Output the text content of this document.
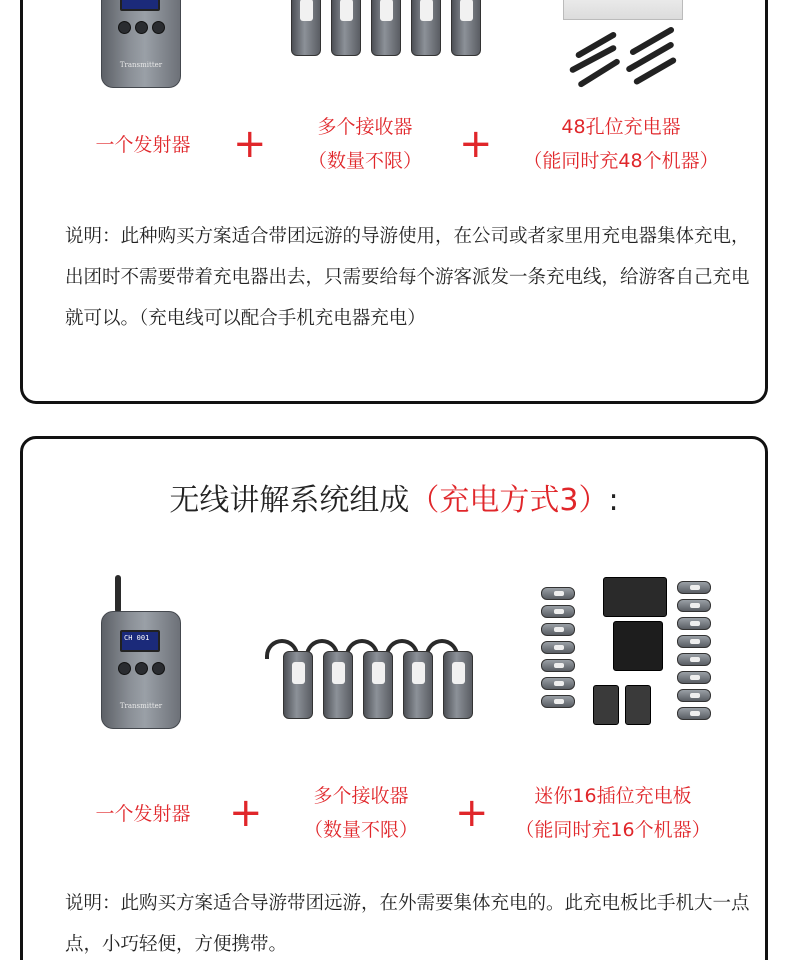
Transmitter
一个发射器	+	多个接收器
（数量不限） +	48孔位充电器
（能同时充48个机器）
说明：此种购买方案适合带团远游的导游使用，在公司或者家里用充电器集体充电，出团时不需要带着充电器出去，只需要给每个游客派发一条充电线，给游客自己充电就可以。（充电线可以配合手机充电器充电）
无线讲解系统组成（充电方式3）:
CH 001
Transmitter
一个发射器 +	多个接收器
（数量不限） +	迷你16插位充电板
（能同时充16个机器）
说明：此购买方案适合导游带团远游，在外需要集体充电的。此充电板比手机大一点点，小巧轻便，方便携带。
